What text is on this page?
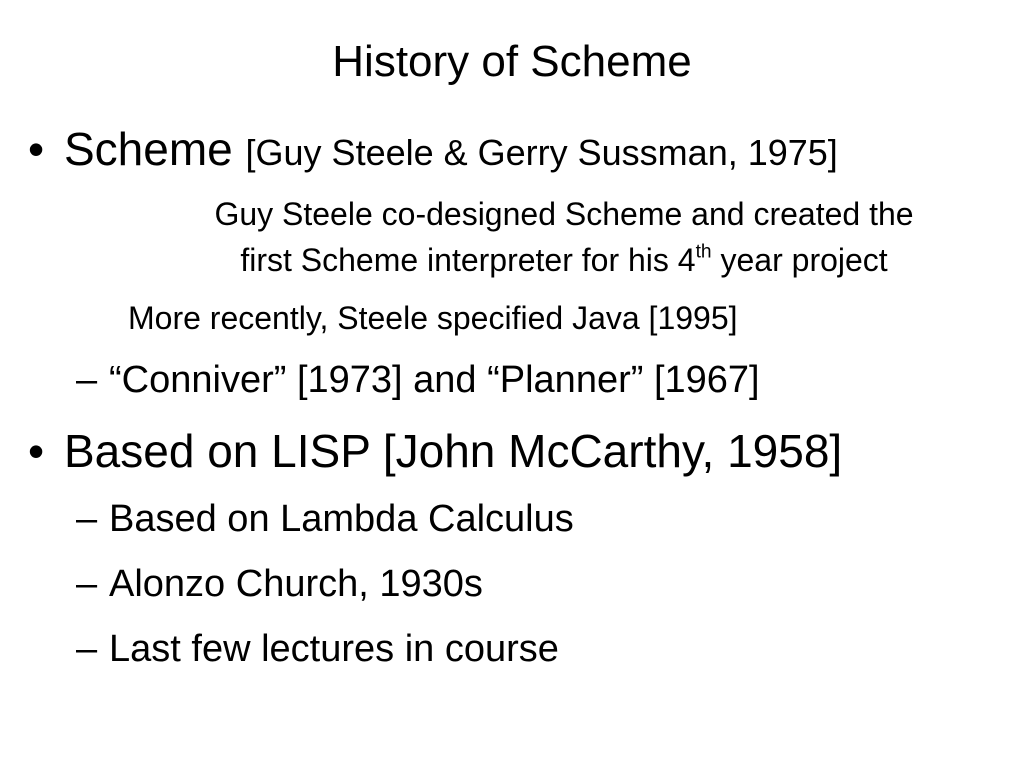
History of Scheme
• Scheme [Guy Steele & Gerry Sussman, 1975]
Guy Steele co-designed Scheme and created the
first Scheme interpreter for his 4th year project
More recently, Steele specified Java [1995]
– “Conniver” [1973] and “Planner” [1967]
• Based on LISP [John McCarthy, 1958]
– Based on Lambda Calculus
– Alonzo Church, 1930s
– Last few lectures in course
